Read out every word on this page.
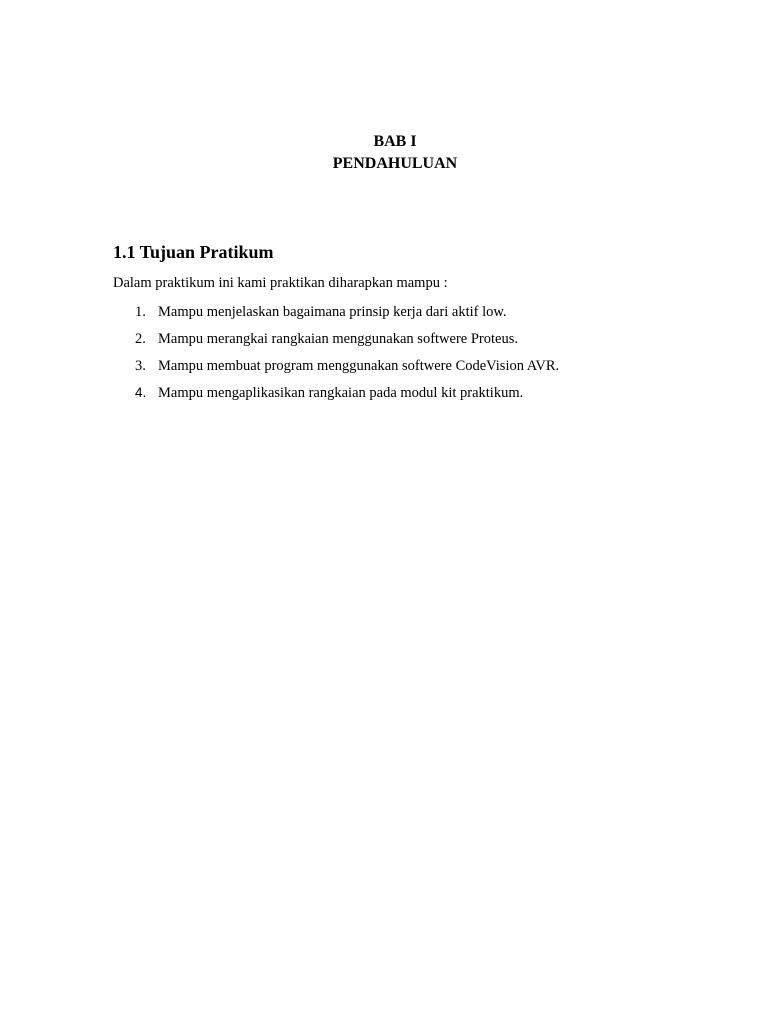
BAB I
PENDAHULUAN
1.1 Tujuan Pratikum

Dalam praktikum ini kami praktikan diharapkan mampu :

1. Mampu menjelaskan bagaimana prinsip kerja dari aktif low.
2. Mampu merangkai rangkaian menggunakan softwere Proteus.
3. Mampu membuat program menggunakan softwere CodeVision AVR.
4. Mampu mengaplikasikan rangkaian pada modul kit praktikum.
